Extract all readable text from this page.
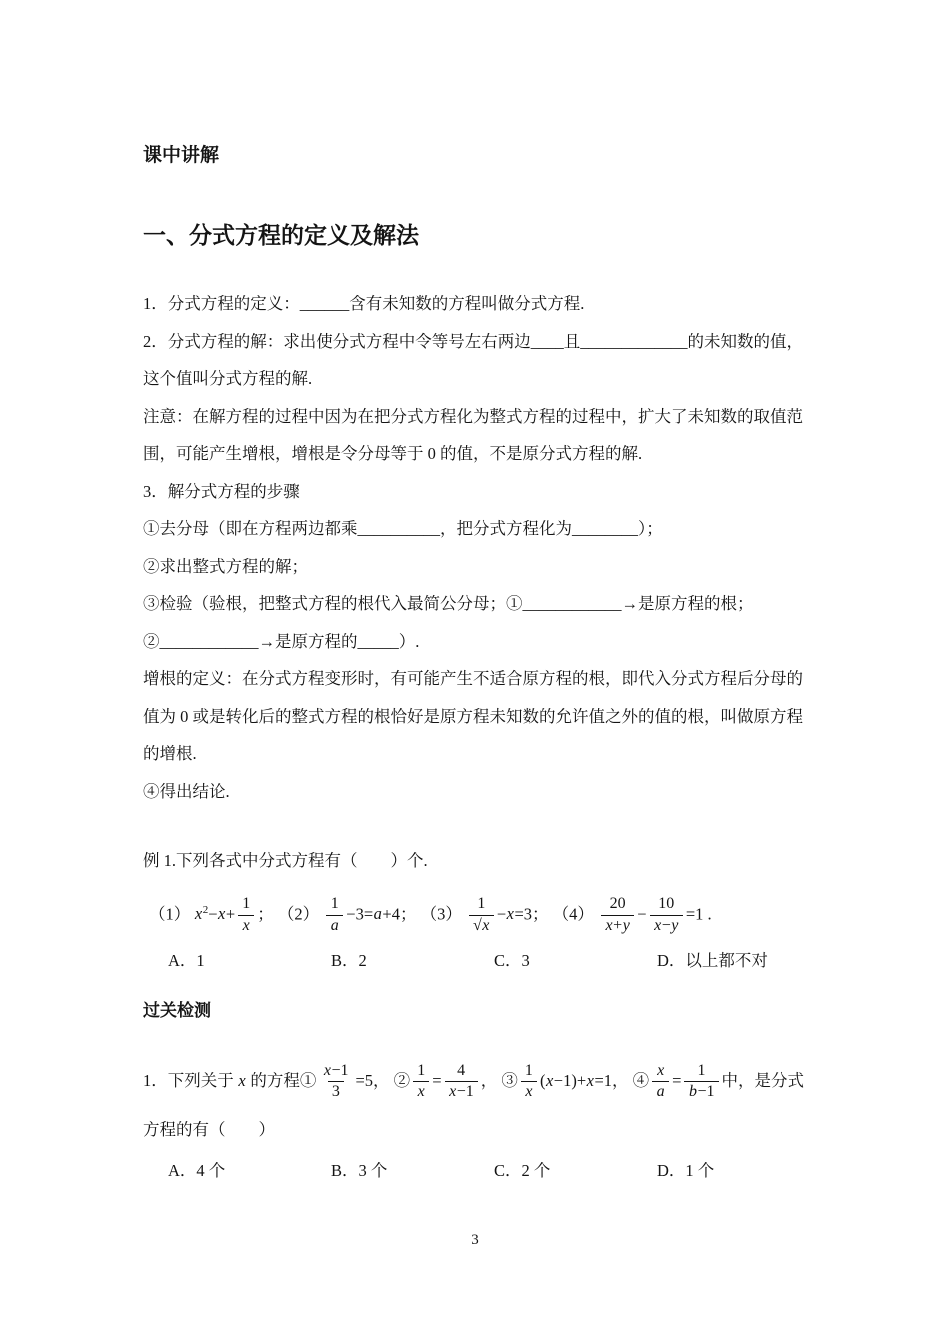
课中讲解
一、分式方程的定义及解法
1．分式方程的定义：______含有未知数的方程叫做分式方程.
2．分式方程的解：求出使分式方程中令等号左右两边____且_____________的未知数的值，
这个值叫分式方程的解.
注意：在解方程的过程中因为在把分式方程化为整式方程的过程中，扩大了未知数的取值范
围，可能产生增根，增根是令分母等于 0 的值，不是原分式方程的解.
3．解分式方程的步骤
①去分母（即在方程两边都乘__________，把分式方程化为________）；
②求出整式方程的解；
③检验（验根，把整式方程的根代入最简公分母；①____________→是原方程的根；
②____________→是原方程的_____）.
增根的定义：在分式方程变形时，有可能产生不适合原方程的根，即代入分式方程后分母的
值为 0 或是转化后的整式方程的根恰好是原方程未知数的允许值之外的值的根，叫做原方程
的增根.
④得出结论.
例 1.下列各式中分式方程有（　　）个.
（1） $x^2-x+ \frac{1}{x}$ ； $(2) \frac{1}{a} -3=a+4$； $(3) \frac{1}{√x} -x=3$； $(4) \frac{20}{x+y} - \frac{10}{x-y} =1$ .
A．1	B．2	C．3	D．以上都不对
过关检测
1．下列关于 x 的方程① $\frac{x-1}{3} =5$， ② $\frac{1}{x} = \frac{4}{x-1}$ ， ③ $\frac{1}{x} (x-1)+x=1$， ④ $\frac{x}{a} = \frac{1}{b-1}$ 中，是分式
方程的有（　　）
A．4 个	B．3 个	C．2 个	D．1 个
3
